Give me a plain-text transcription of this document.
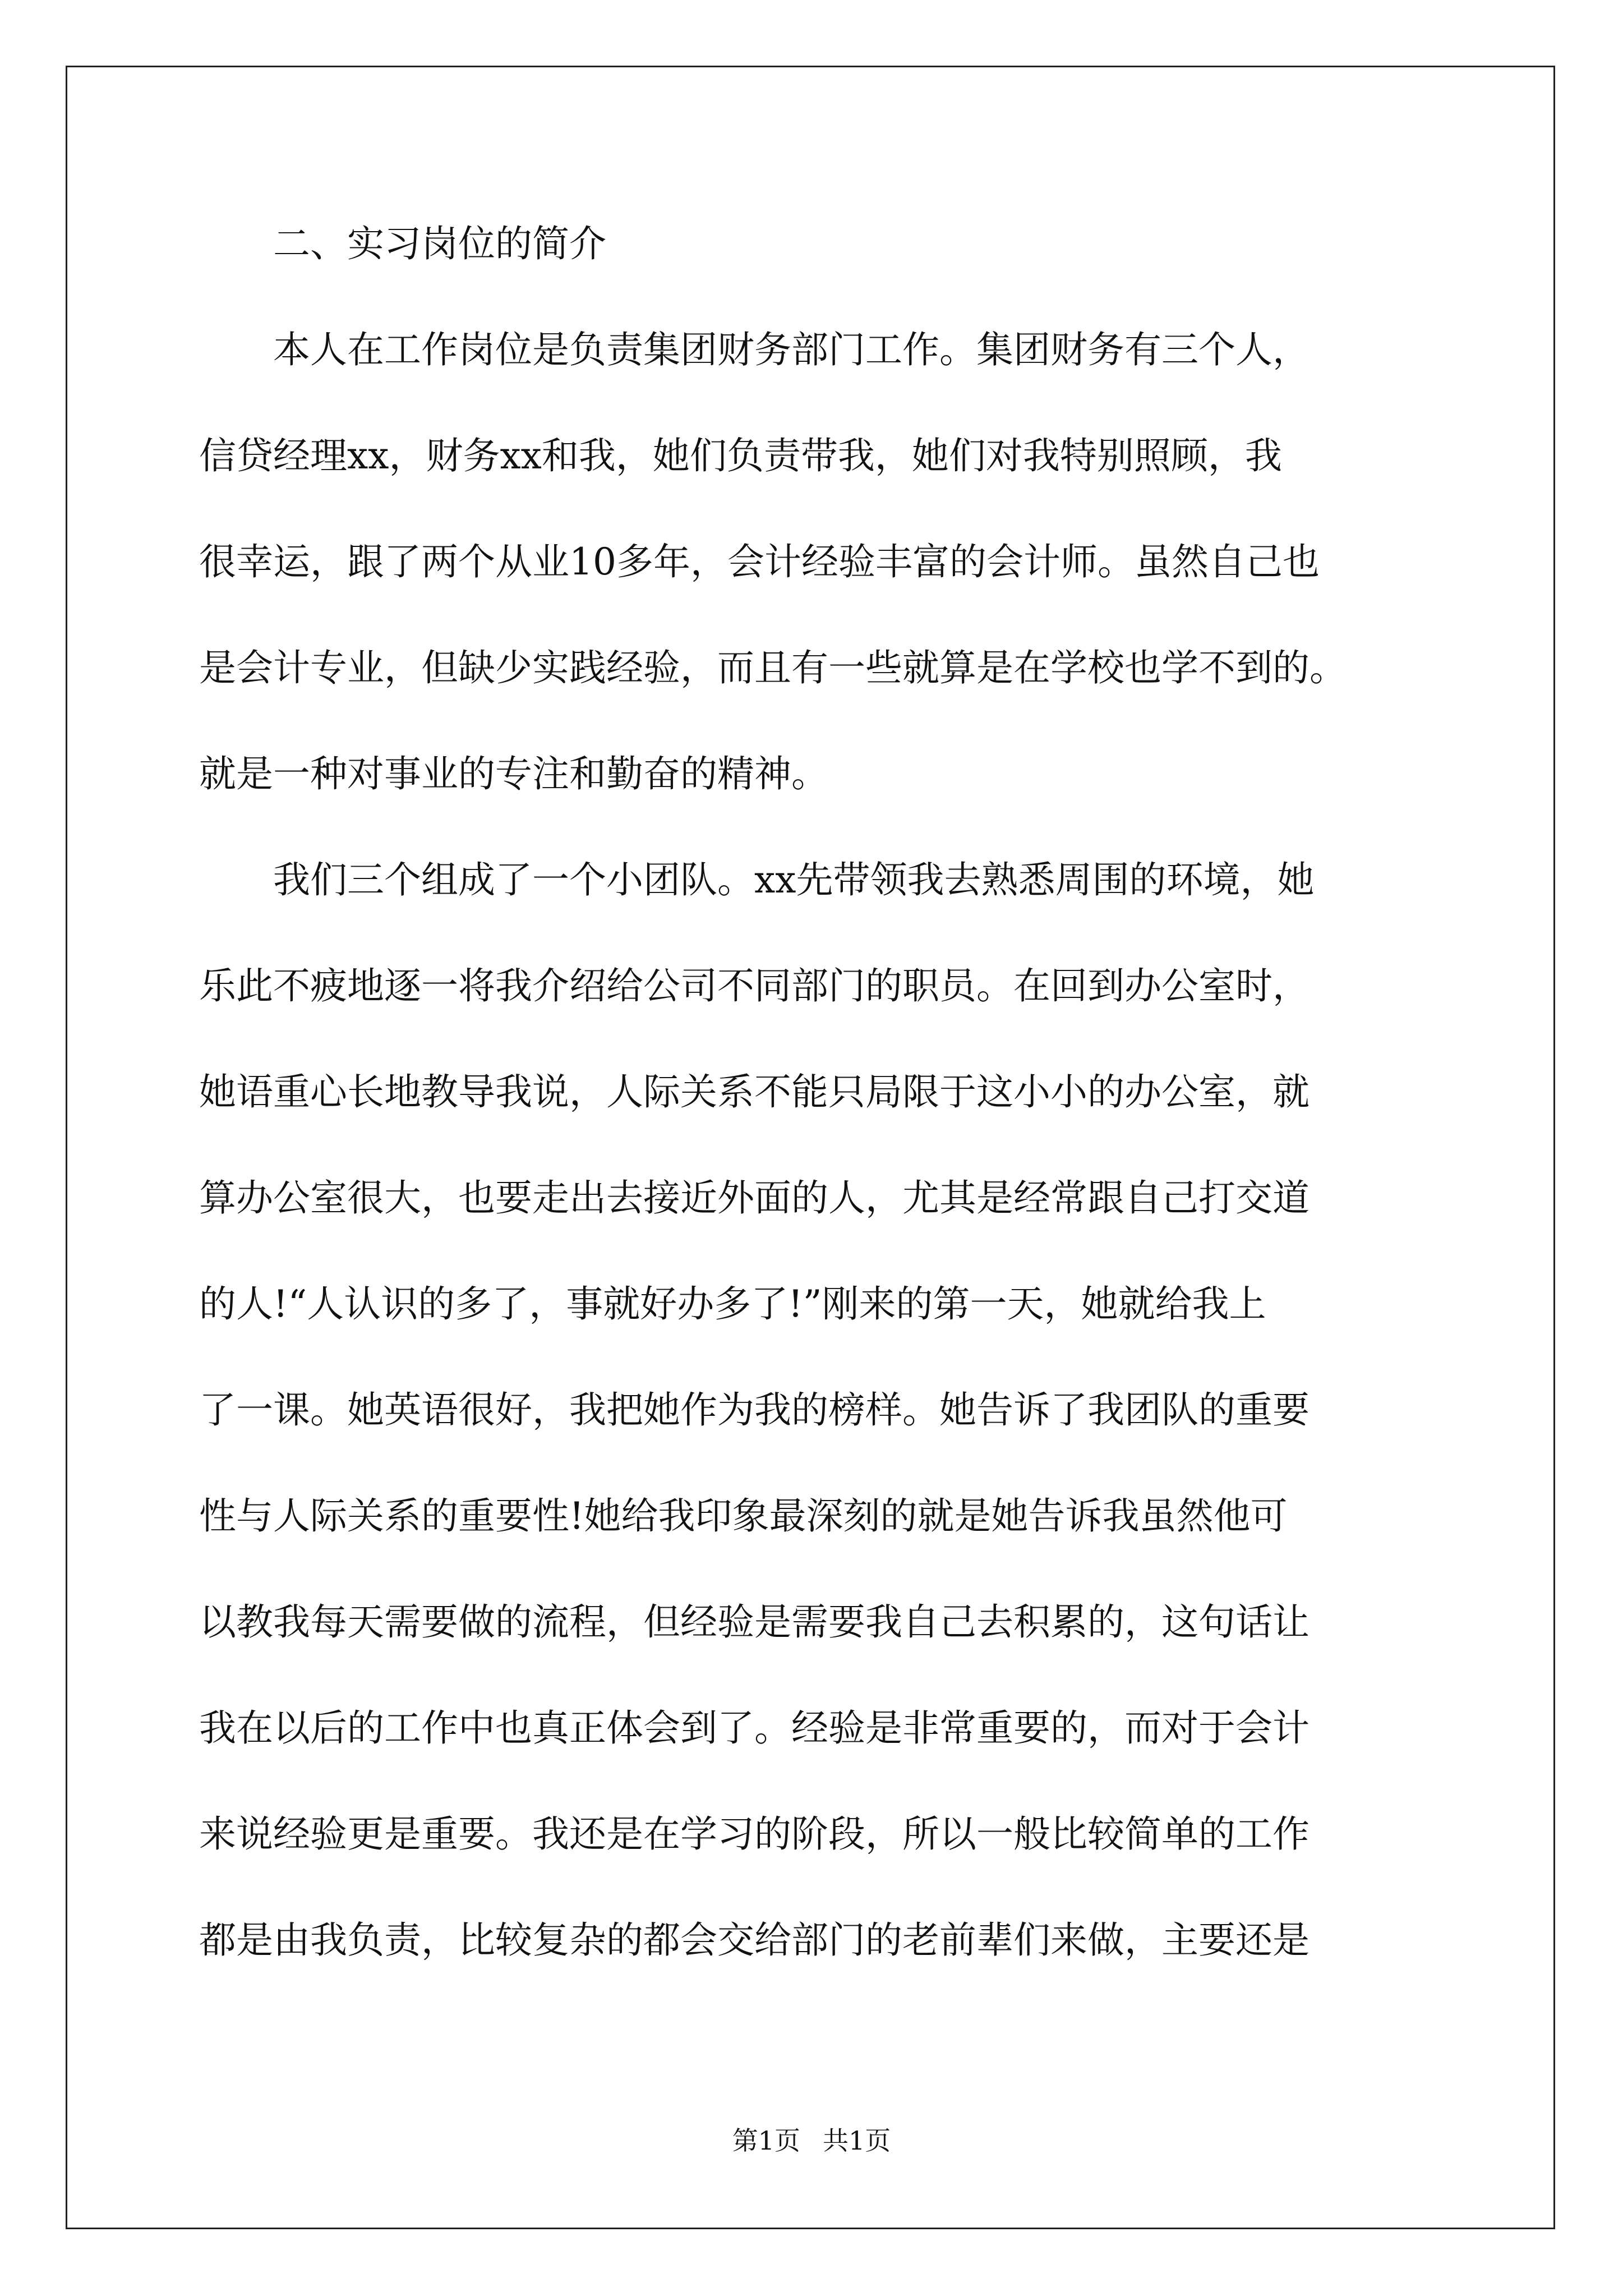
　　二、实习岗位的简介
　　本人在工作岗位是负责集团财务部门工作。集团财务有三个人，
信贷经理xx，财务xx和我，她们负责带我，她们对我特别照顾，我
很幸运，跟了两个从业10多年，会计经验丰富的会计师。虽然自己也
是会计专业，但缺少实践经验，而且有一些就算是在学校也学不到的。
就是一种对事业的专注和勤奋的精神。
　　我们三个组成了一个小团队。xx先带领我去熟悉周围的环境，她
乐此不疲地逐一将我介绍给公司不同部门的职员。在回到办公室时，
她语重心长地教导我说，人际关系不能只局限于这小小的办公室，就
算办公室很大，也要走出去接近外面的人，尤其是经常跟自己打交道
的人!“人认识的多了，事就好办多了!”刚来的第一天，她就给我上
了一课。她英语很好，我把她作为我的榜样。她告诉了我团队的重要
性与人际关系的重要性!她给我印象最深刻的就是她告诉我虽然他可
以教我每天需要做的流程，但经验是需要我自己去积累的，这句话让
我在以后的工作中也真正体会到了。经验是非常重要的，而对于会计
来说经验更是重要。我还是在学习的阶段，所以一般比较简单的工作
都是由我负责，比较复杂的都会交给部门的老前辈们来做，主要还是
第1页 共1页
